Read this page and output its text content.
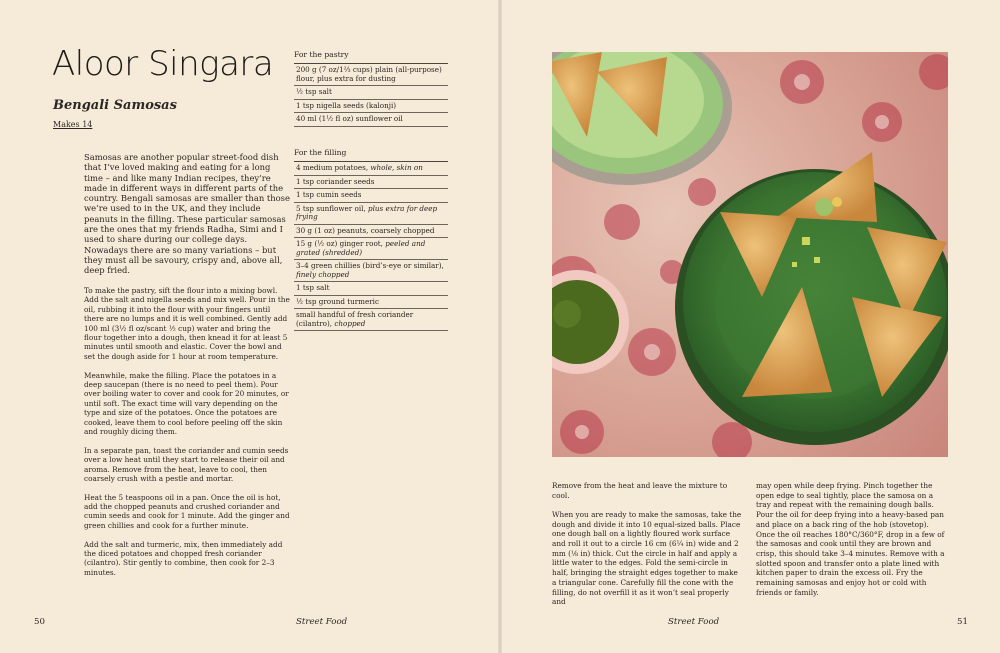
Aloor Singara
Bengali Samosas

Makes 14

Samosas are another popular street-food dish that I’ve loved making and eating for a long time – and like many Indian recipes, they’re made in different ways in different parts of the country. Bengali samosas are smaller than those we’re used to in the UK, and they include peanuts in the filling. These particular samosas are the ones that my friends Radha, Simi and I used to share during our college days. Nowadays there are so many variations – but they must all be savoury, crispy and, above all, deep fried.

To make the pastry, sift the flour into a mixing bowl. Add the salt and nigella seeds and mix well. Pour in the oil, rubbing it into the flour with your fingers until there are no lumps and it is well combined. Gently add 100 ml (3½ fl oz/scant ½ cup) water and bring the flour together into a dough, then knead it for at least 5 minutes until smooth and elastic. Cover the bowl and set the dough aside for 1 hour at room temperature.

Meanwhile, make the filling. Place the potatoes in a deep saucepan (there is no need to peel them). Pour over boiling water to cover and cook for 20 minutes, or until soft. The exact time will vary depending on the type and size of the potatoes. Once the potatoes are cooked, leave them to cool before peeling off the skin and roughly dicing them.

In a separate pan, toast the coriander and cumin seeds over a low heat until they start to release their oil and aroma. Remove from the heat, leave to cool, then coarsely crush with a pestle and mortar.

Heat the 5 teaspoons oil in a pan. Once the oil is hot, add the chopped peanuts and crushed coriander and cumin seeds and cook for 1 minute. Add the ginger and green chillies and cook for a further minute.

Add the salt and turmeric, mix, then immediately add the diced potatoes and chopped fresh coriander (cilantro). Stir gently to combine, then cook for 2–3 minutes.

For the pastry
200 g (7 oz/1⅔ cups) plain (all-purpose) flour, plus extra for dusting
½ tsp salt
1 tsp nigella seeds (kalonji)
40 ml (1½ fl oz) sunflower oil
For the filling
4 medium potatoes, whole, skin on
1 tsp coriander seeds
1 tsp cumin seeds
5 tsp sunflower oil, plus extra for deep frying
30 g (1 oz) peanuts, coarsely chopped
15 g (½ oz) ginger root, peeled and grated (shredded)
3–4 green chillies (bird’s-eye or similar), finely chopped
1 tsp salt
½ tsp ground turmeric
small handful of fresh coriander (cilantro), chopped
50	Street Food

Remove from the heat and leave the mixture to cool.

When you are ready to make the samosas, take the dough and divide it into 10 equal-sized balls. Place one dough ball on a lightly floured work surface and roll it out to a circle 16 cm (6¼ in) wide and 2 mm (⅛ in) thick. Cut the circle in half and apply a little water to the edges. Fold the semi-circle in half, bringing the straight edges together to make a triangular cone. Carefully fill the cone with the filling, do not overfill it as it won’t seal properly and

may open while deep frying. Pinch together the open edge to seal tightly, place the samosa on a tray and repeat with the remaining dough balls. Pour the oil for deep frying into a heavy-based pan and place on a back ring of the hob (stovetop). Once the oil reaches 180°C/360°F, drop in a few of the samosas and cook until they are brown and crisp, this should take 3–4 minutes. Remove with a slotted spoon and transfer onto a plate lined with kitchen paper to drain the excess oil. Fry the remaining samosas and enjoy hot or cold with friends or family.

Street Food	51
